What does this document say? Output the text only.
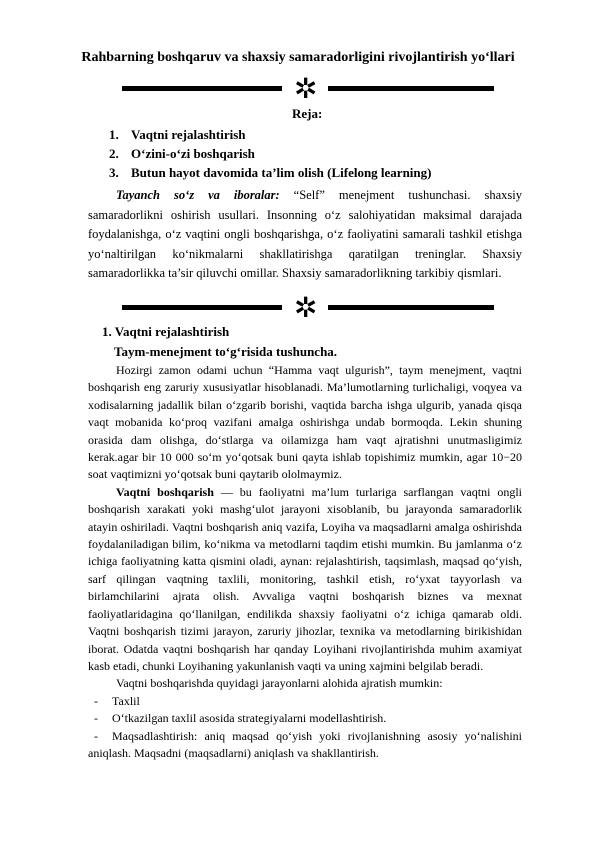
Rahbarning boshqaruv va shaxsiy samaradorligini rivojlantirish yo‘llari
✲
Reja:
1. Vaqtni rejalashtirish
2. O‘zini-o‘zi boshqarish
3. Butun hayot davomida ta’lim olish (Lifelong learning)
Tayanch so‘z va iboralar: “Self” menejment tushunchasi. shaxsiy samaradorlikni oshirish usullari. Insonning o‘z salohiyatidan maksimal darajada foydalanishga, o‘z vaqtini ongli boshqarishga, o‘z faoliyatini samarali tashkil etishga yo‘naltirilgan ko‘nikmalarni shakllatirishga qaratilgan treninglar. Shaxsiy samaradorlikka ta’sir qiluvchi omillar. Shaxsiy samaradorlikning tarkibiy qismlari.
✲
1. Vaqtni rejalashtirish
Taym-menejment to‘g‘risida tushuncha.

Hozirgi zamon odami uchun “Hamma vaqt ulgurish”, taym menejment, vaqtni boshqarish eng zaruriy xususiyatlar hisoblanadi. Ma’lumotlarning turlichaligi, voqyea va xodisalarning jadallik bilan o‘zgarib borishi, vaqtida barcha ishga ulgurib, yanada qisqa vaqt mobanida ko‘proq vazifani amalga oshirishga undab bormoqda. Lekin shuning orasida dam olishga, do‘stlarga va oilamizga ham vaqt ajratishni unutmasligimiz kerak.agar bir 10 000 so‘m yo‘qotsak buni qayta ishlab topishimiz mumkin, agar 10−20 soat vaqtimizni yo‘qotsak buni qaytarib ololmaymiz.

Vaqtni boshqarish — bu faoliyatni ma’lum turlariga sarflangan vaqtni ongli boshqarish xarakati yoki mashg‘ulot jarayoni xisoblanib, bu jarayonda samaradorlik atayin oshiriladi. Vaqtni boshqarish aniq vazifa, Loyiha va maqsadlarni amalga oshirishda foydalaniladigan bilim, ko‘nikma va metodlarni taqdim etishi mumkin. Bu jamlanma o‘z ichiga faoliyatning katta qismini oladi, aynan: rejalashtirish, taqsimlash, maqsad qo‘yish, sarf qilingan vaqtning taxlili, monitoring, tashkil etish, ro‘yxat tayyorlash va birlamchilarini ajrata olish. Avvaliga vaqtni boshqarish biznes va mexnat faoliyatlaridagina qo‘llanilgan, endilikda shaxsiy faoliyatni o‘z ichiga qamarab oldi. Vaqtni boshqarish tizimi jarayon, zaruriy jihozlar, texnika va metodlarning birikishidan iborat. Odatda vaqtni boshqarish har qanday Loyihani rivojlantirishda muhim axamiyat kasb etadi, chunki Loyihaning yakunlanish vaqti va uning xajmini belgilab beradi.

Vaqtni boshqarishda quyidagi jarayonlarni alohida ajratish mumkin:

- Taxlil

- O‘tkazilgan taxlil asosida strategiyalarni modellashtirish.

- Maqsadlashtirish: aniq maqsad qo‘yish yoki rivojlanishning asosiy yo‘nalishini aniqlash. Maqsadni (maqsadlarni) aniqlash va shakllantirish.
